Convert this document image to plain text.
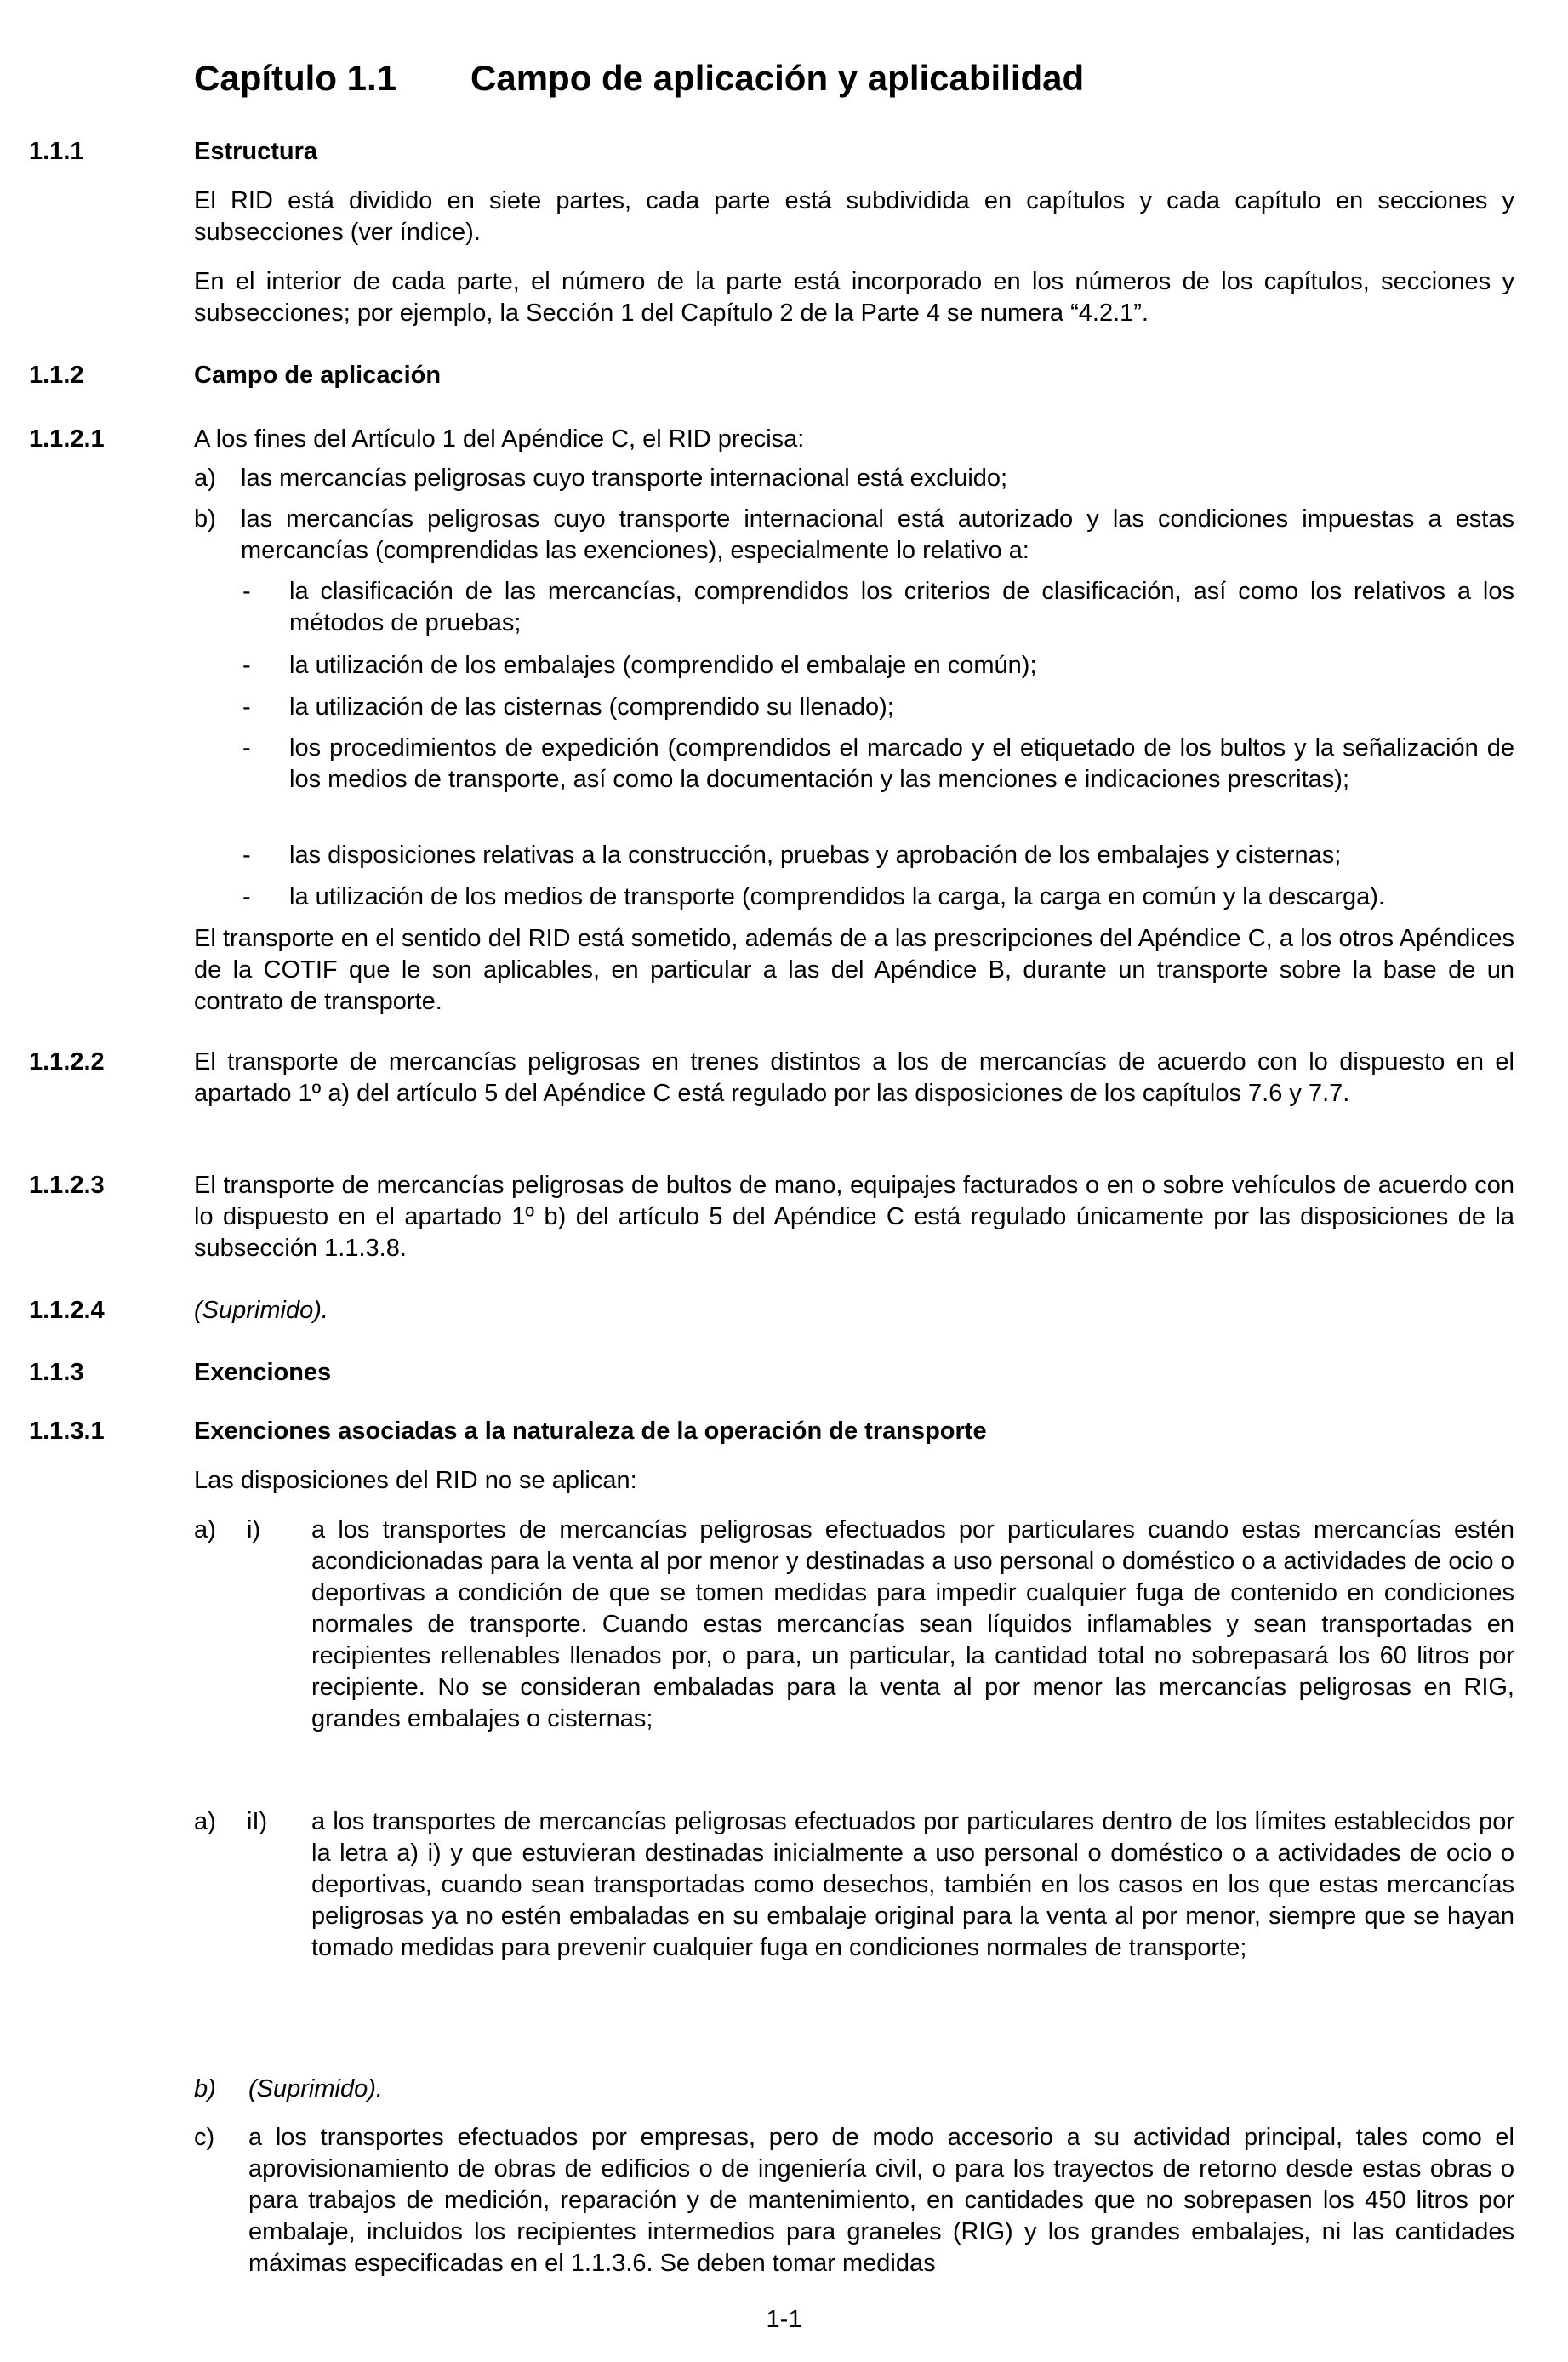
Capítulo 1.1 Campo de aplicación y aplicabilidad
1.1.1	Estructura

El RID está dividido en siete partes, cada parte está subdividida en capítulos y cada capítulo en secciones y subsecciones (ver índice).

En el interior de cada parte, el número de la parte está incorporado en los números de los capítulos, secciones y subsecciones; por ejemplo, la Sección 1 del Capítulo 2 de la Parte 4 se numera “4.2.1”.

1.1.2	Campo de aplicación
1.1.2.1	A los fines del Artículo 1 del Apéndice C, el RID precisa:

a) las mercancías peligrosas cuyo transporte internacional está excluido;

b) las mercancías peligrosas cuyo transporte internacional está autorizado y las condiciones impuestas a estas mercancías (comprendidas las exenciones), especialmente lo relativo a:

- la clasificación de las mercancías, comprendidos los criterios de clasificación, así como los relativos a los métodos de pruebas;

- la utilización de los embalajes (comprendido el embalaje en común);

- la utilización de las cisternas (comprendido su llenado);

- los procedimientos de expedición (comprendidos el marcado y el etiquetado de los bultos y la señalización de los medios de transporte, así como la documentación y las menciones e indicaciones prescritas);

- las disposiciones relativas a la construcción, pruebas y aprobación de los embalajes y cisternas;

- la utilización de los medios de transporte (comprendidos la carga, la carga en común y la descarga).

El transporte en el sentido del RID está sometido, además de a las prescripciones del Apéndice C, a los otros Apéndices de la COTIF que le son aplicables, en particular a las del Apéndice B, durante un transporte sobre la base de un contrato de transporte.

1.1.2.2	El transporte de mercancías peligrosas en trenes distintos a los de mercancías de acuerdo con lo dispuesto en el apartado 1º a) del artículo 5 del Apéndice C está regulado por las disposiciones de los capítulos 7.6 y 7.7.

1.1.2.3	El transporte de mercancías peligrosas de bultos de mano, equipajes facturados o en o sobre vehículos de acuerdo con lo dispuesto en el apartado 1º b) del artículo 5 del Apéndice C está regulado únicamente por las disposiciones de la subsección 1.1.3.8.

1.1.2.4	(Suprimido).

1.1.3	Exenciones
1.1.3.1	Exenciones asociadas a la naturaleza de la operación de transporte

Las disposiciones del RID no se aplican:

a) i) a los transportes de mercancías peligrosas efectuados por particulares cuando estas mercancías estén acondicionadas para la venta al por menor y destinadas a uso personal o doméstico o a actividades de ocio o deportivas a condición de que se tomen medidas para impedir cualquier fuga de contenido en condiciones normales de transporte. Cuando estas mercancías sean líquidos inflamables y sean transportadas en recipientes rellenables llenados por, o para, un particular, la cantidad total no sobrepasará los 60 litros por recipiente. No se consideran embaladas para la venta al por menor las mercancías peligrosas en RIG, grandes embalajes o cisternas;

a) iI) a los transportes de mercancías peligrosas efectuados por particulares dentro de los límites establecidos por la letra a) i) y que estuvieran destinadas inicialmente a uso personal o doméstico o a actividades de ocio o deportivas, cuando sean transportadas como desechos, también en los casos en los que estas mercancías peligrosas ya no estén embaladas en su embalaje original para la venta al por menor, siempre que se hayan tomado medidas para prevenir cualquier fuga en condiciones normales de transporte;

b) (Suprimido).

c) a los transportes efectuados por empresas, pero de modo accesorio a su actividad principal, tales como el aprovisionamiento de obras de edificios o de ingeniería civil, o para los trayectos de retorno desde estas obras o para trabajos de medición, reparación y de mantenimiento, en cantidades que no sobrepasen los 450 litros por embalaje, incluidos los recipientes intermedios para graneles (RIG) y los grandes embalajes, ni las cantidades máximas especificadas en el 1.1.3.6. Se deben tomar medidas

1-1
